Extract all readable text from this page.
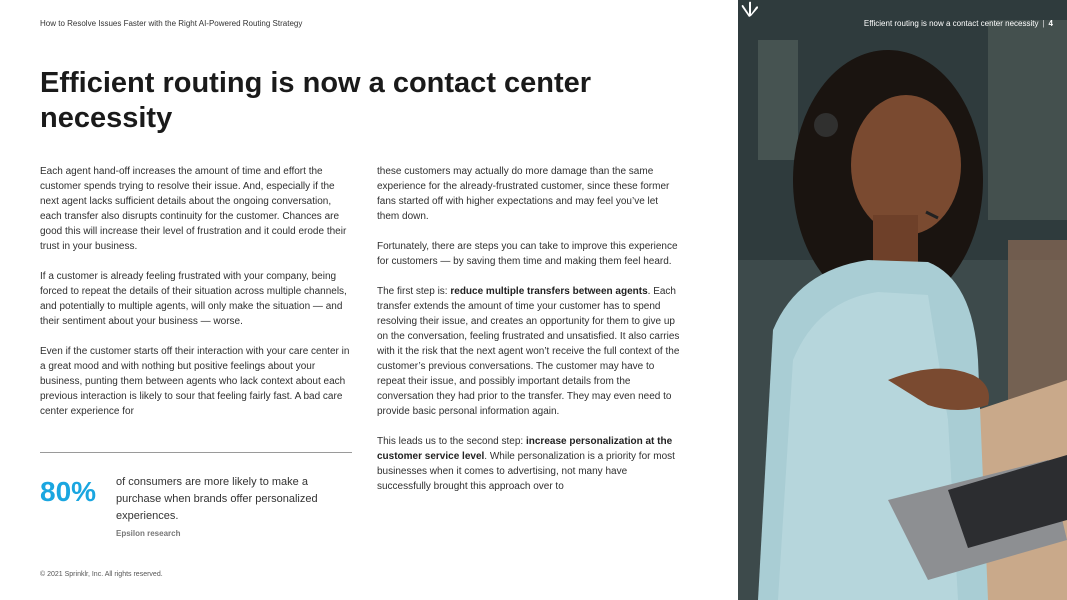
How to Resolve Issues Faster with the Right AI-Powered Routing Strategy
Efficient routing is now a contact center necessity

Each agent hand-off increases the amount of time and effort the customer spends trying to resolve their issue. And, especially if the next agent lacks sufficient details about the ongoing conversation, each transfer also disrupts continuity for the customer. Chances are good this will increase their level of frustration and it could erode their trust in your business.

If a customer is already feeling frustrated with your company, being forced to repeat the details of their situation across multiple channels, and potentially to multiple agents, will only make the situation — and their sentiment about your business — worse.

Even if the customer starts off their interaction with your care center in a great mood and with nothing but positive feelings about your business, punting them between agents who lack context about each previous interaction is likely to sour that feeling fairly fast. A bad care center experience for

these customers may actually do more damage than the same experience for the already-frustrated customer, since these former fans started off with higher expectations and may feel you’ve let them down.

Fortunately, there are steps you can take to improve this experience for customers — by saving them time and making them feel heard.

The first step is: reduce multiple transfers between agents. Each transfer extends the amount of time your customer has to spend resolving their issue, and creates an opportunity for them to give up on the conversation, feeling frustrated and unsatisfied. It also carries with it the risk that the next agent won’t receive the full context of the customer’s previous conversations. The customer may have to repeat their issue, and possibly important details from the conversation they had prior to the transfer. They may even need to provide basic personal information again.

This leads us to the second step: increase personalization at the customer service level. While personalization is a priority for most businesses when it comes to advertising, not many have successfully brought this approach over to

80% of consumers are more likely to make a purchase when brands offer personalized experiences.
Epsilon research
© 2021 Sprinklr, Inc. All rights reserved.
Efficient routing is now a contact center necessity | 4
